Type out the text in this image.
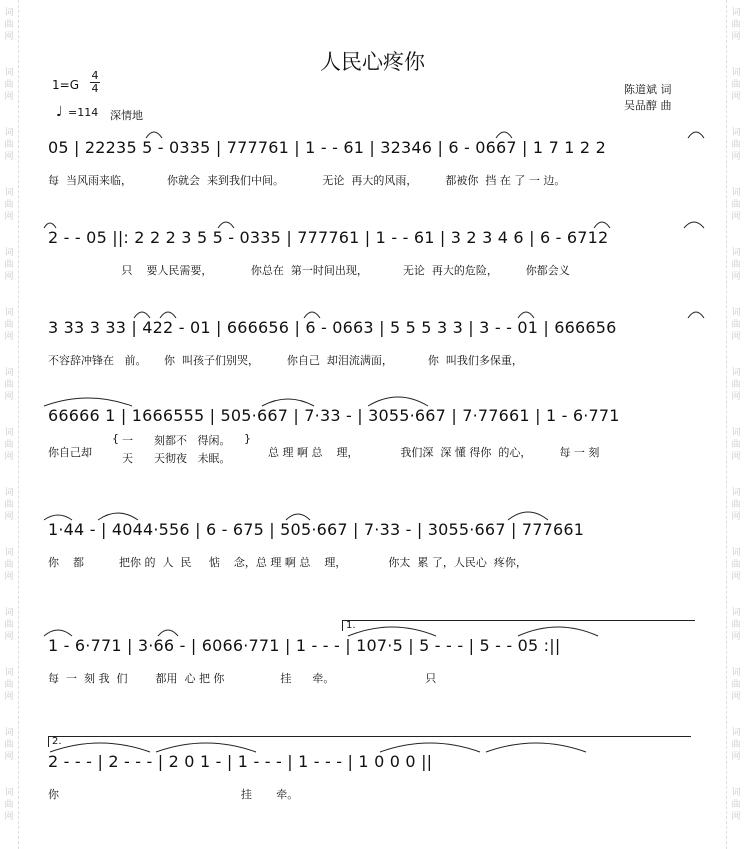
词
曲
网
词
曲
网
词
曲
网
词
曲
网
词
曲
网
词
曲
网
词
曲
网
词
曲
网
词
曲
网
词
曲
网
词
曲
网
词
曲
网
词
曲
网
词
曲
网
词
曲
网
词
曲
网
词
曲
网
词
曲
网
词
曲
网
词
曲
网
词
曲
网
词
曲
网
词
曲
网
词
曲
网
词
曲
网
词
曲
网
词
曲
网
词
曲
网
人民心疼你
1=G
4
4
♩ =114 深情地
陈道斌 词
吴品醇 曲
05 | 22235 5 - 0335 | 777761 | 1 - - 61 | 32346 | 6 - 0667 | 1 7 1 2 2
每  当风雨来临，          你就会  来到我们中间。           无论  再大的风雨，        都被你  挡 在 了 一 边。
2 - - 05 ||: 2 2 2 3 5 5 - 0335 | 777761 | 1 - - 61 | 3 2 3 4 6 | 6 - 6712
只    要人民需要，           你总在  第一时间出现，          无论  再大的危险，        你都会义
3 33 3 33 | 422 - 01 | 666656 | 6 - 0663 | 5 5 5 3 3 | 3 - - 01 | 666656
不容辞冲锋在   前。     你  叫孩子们别哭，        你自己  却泪流满面，          你  叫我们多保重，
66666 1 | 1666555 | 505·667 | 7·33 - | 3055·667 | 7·77661 | 1 - 6·771
你自己却
{ 一      刻都不   得闲。
天      天彻夜   未眠。
}
总 理 啊 总    理，            我们深  深 懂 得你  的心，        每 一 刻
1·44 - | 4044·556 | 6 - 675 | 505·667 | 7·33 - | 3055·667 | 777661
你    都          把你 的  人  民     惦    念，总 理 啊 总    理，            你太  累 了，人民心  疼你，
1.
1 - 6·771 | 3·66 - | 6066·771 | 1 - - - | 107·5 | 5 - - - | 5 - - 05 :||
每  一  刻 我  们        都用  心 把 你                挂      牵。                          只
2.
2 - - - | 2 - - - | 2 0 1 - | 1 - - - | 1 - - - | 1 0 0 0 ||
你                                                    挂       牵。
